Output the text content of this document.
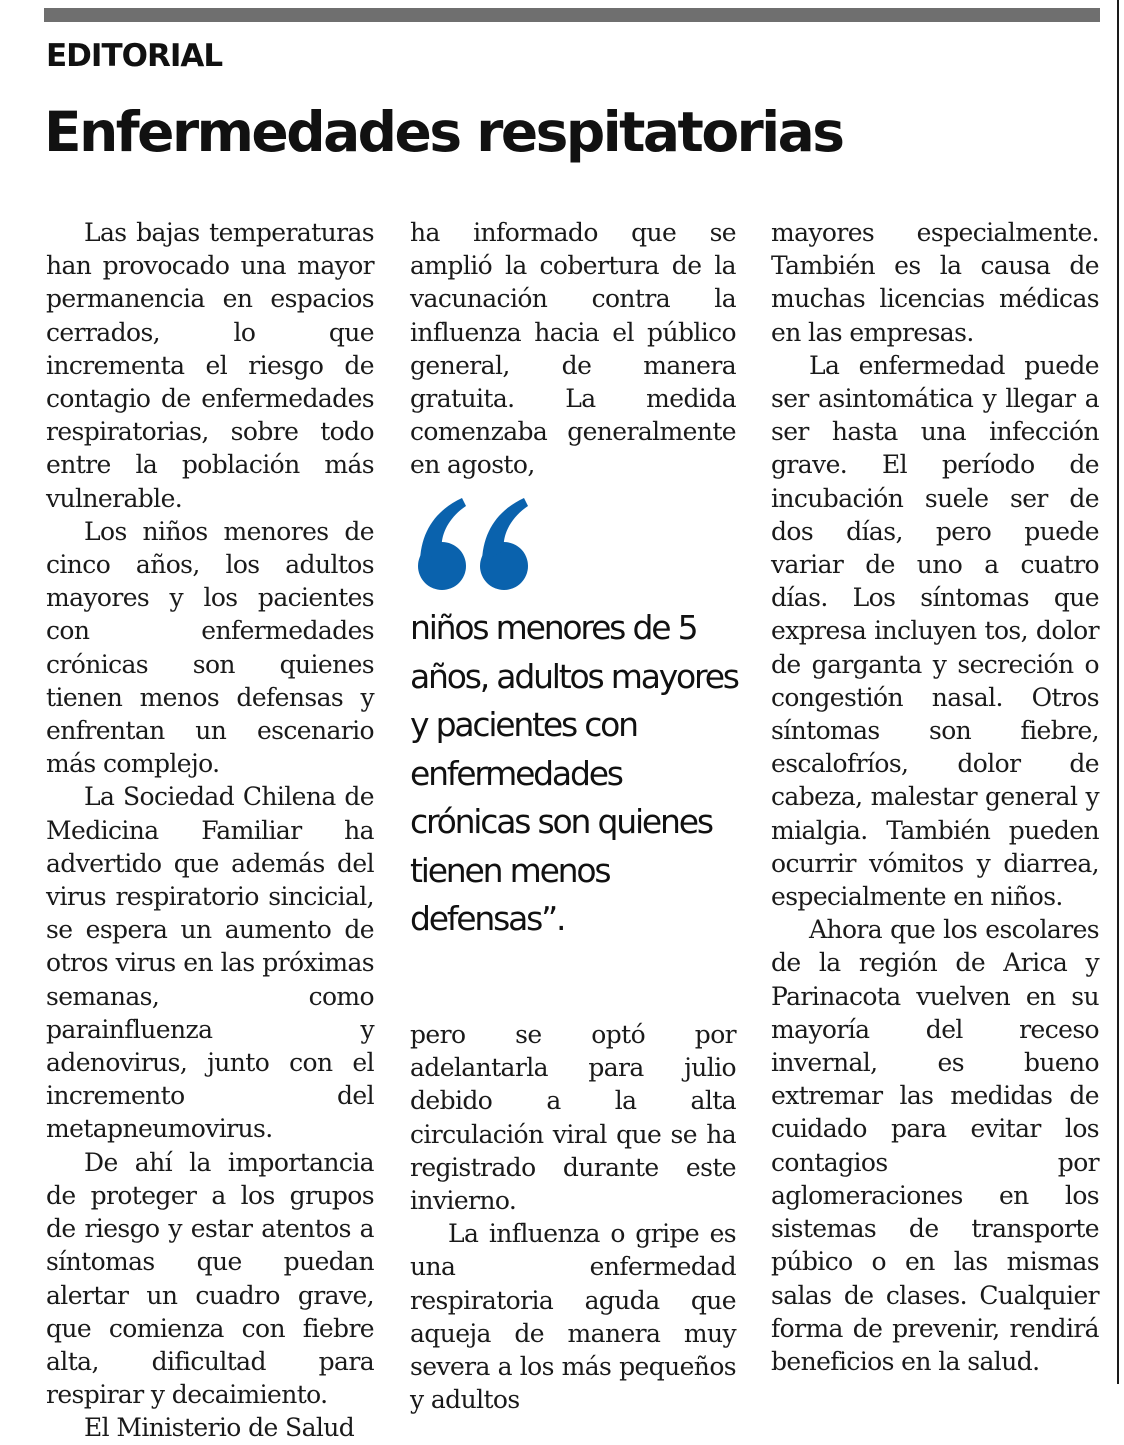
EDITORIAL
Enfermedades respitatorias

Las bajas temperaturas han provocado una mayor permanencia en espacios cerrados, lo que incrementa el riesgo de contagio de enfermedades respiratorias, sobre todo entre la población más vulnerable.

Los niños menores de cinco años, los adultos mayores y los pacientes con enfermedades crónicas son quienes tienen menos defensas y enfrentan un escenario más complejo.

La Sociedad Chilena de Medicina Familiar ha advertido que además del virus respiratorio sincicial, se espera un aumento de otros virus en las próximas semanas, como parainfluenza y adenovirus, junto con el incremento del metapneumovirus.

De ahí la importancia de proteger a los grupos de riesgo y estar atentos a síntomas que puedan alertar un cuadro grave, que comienza con fiebre alta, dificultad para respirar y decaimiento.

El Ministerio de Salud

ha informado que se amplió la cobertura de la vacunación contra la influenza hacia el público general, de manera gratuita. La medida comenzaba generalmente en agosto,

niños menores de 5 años, adultos mayores y pacientes con enfermedades crónicas son quienes tienen menos defensas”.

pero se optó por adelantarla para julio debido a la alta circulación viral que se ha registrado durante este invierno.

La influenza o gripe es una enfermedad respiratoria aguda que aqueja de manera muy severa a los más pequeños y adultos

mayores especialmente. También es la causa de muchas licencias médicas en las empresas.

La enfermedad puede ser asintomática y llegar a ser hasta una infección grave. El período de incubación suele ser de dos días, pero puede variar de uno a cuatro días. Los síntomas que expresa incluyen tos, dolor de garganta y secreción o congestión nasal. Otros síntomas son fiebre, escalofríos, dolor de cabeza, malestar general y mialgia. También pueden ocurrir vómitos y diarrea, especialmente en niños.

Ahora que los escolares de la región de Arica y Parinacota vuelven en su mayoría del receso invernal, es bueno extremar las medidas de cuidado para evitar los contagios por aglomeraciones en los sistemas de transporte púbico o en las mismas salas de clases. Cualquier forma de prevenir, rendirá beneficios en la salud.
